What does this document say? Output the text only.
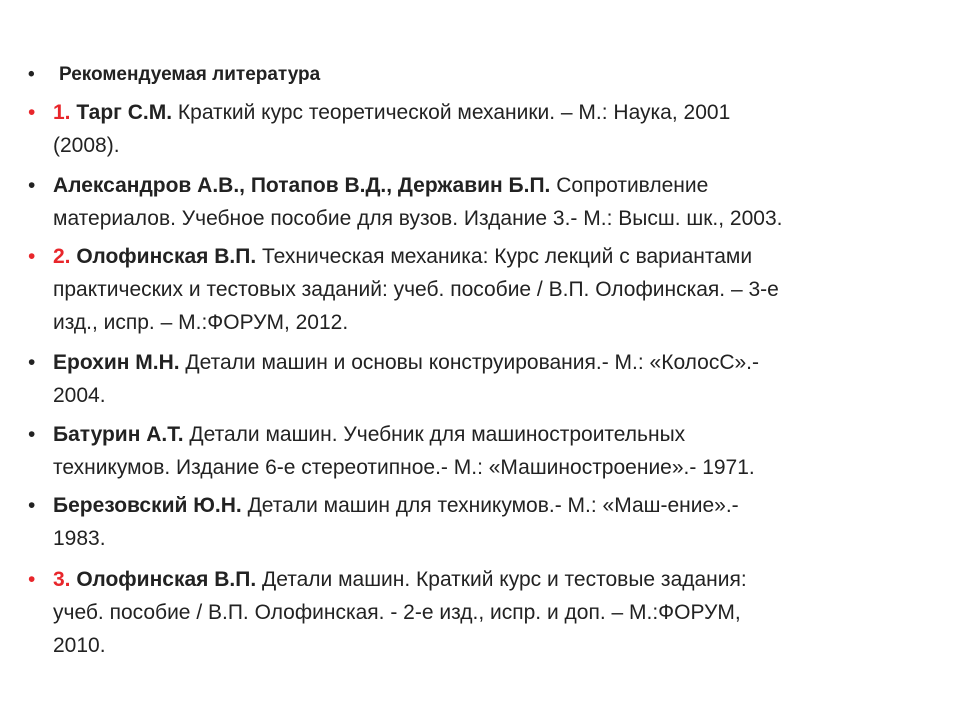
•	Рекомендуемая литература
• 1. Тарг С.М. Краткий курс теоретической механики. – М.: Наука, 2001
(2008).
• Александров А.В., Потапов В.Д., Державин Б.П. Сопротивление
материалов. Учебное пособие для вузов. Издание 3.- М.: Высш. шк., 2003.
• 2. Олофинская В.П. Техническая механика: Курс лекций с вариантами
практических и тестовых заданий: учеб. пособие / В.П. Олофинская. – 3-е
изд., испр. – М.:ФОРУМ, 2012.
• Ерохин М.Н. Детали машин и основы конструирования.- М.: «КолосС».-
2004.
• Батурин А.Т. Детали машин. Учебник для машиностроительных
техникумов. Издание 6-е стереотипное.- М.: «Машиностроение».- 1971.
• Березовский Ю.Н. Детали машин для техникумов.- М.: «Маш-ение».-
1983.
• 3. Олофинская В.П. Детали машин. Краткий курс и тестовые задания:
учеб. пособие / В.П. Олофинская. - 2-е изд., испр. и доп. – М.:ФОРУМ,
2010.
